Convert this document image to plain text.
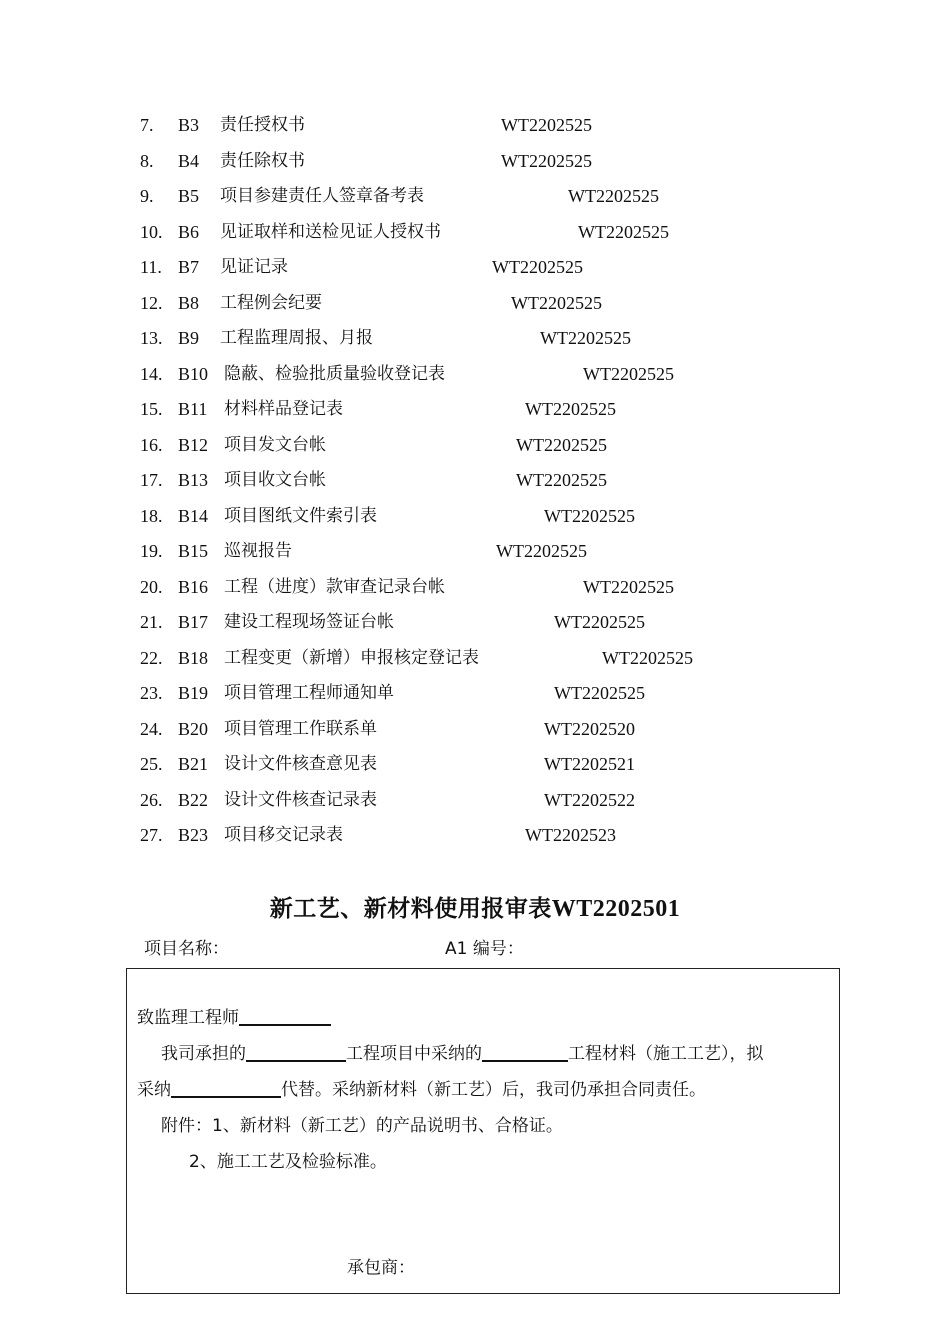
7.	B3 责任授权书	WT2202525
8.	B4 责任除权书	WT2202525
9.	B5 项目参建责任人签章备考表	WT2202525
10. B6 见证取样和送检见证人授权书	WT2202525
11. B7 见证记录	WT2202525
12. B8 工程例会纪要	WT2202525
13. B9 工程监理周报、月报	WT2202525
14. B10 隐蔽、检验批质量验收登记表	WT2202525
15. B11 材料样品登记表	WT2202525
16. B12 项目发文台帐	WT2202525
17. B13 项目收文台帐	WT2202525
18. B14 项目图纸文件索引表	WT2202525
19. B15 巡视报告	WT2202525
20. B16 工程（进度）款审查记录台帐	WT2202525
21. B17 建设工程现场签证台帐	WT2202525
22. B18 工程变更（新增）申报核定登记表	WT2202525
23. B19 项目管理工程师通知单	WT2202525
24. B20 项目管理工作联系单	WT2202520
25. B21 设计文件核查意见表	WT2202521
26. B22 设计文件核查记录表	WT2202522
27. B23 项目移交记录表	WT2202523
新工艺、新材料使用报审表WT2202501
项目名称：	A1 编号：
致监理工程师
我司承担的	工程项目中采纳的	工程材料（施工工艺），拟
采纳	代替。采纳新材料（新工艺）后，我司仍承担合同责任。
附件：1、新材料（新工艺）的产品说明书、合格证。
2、施工工艺及检验标准。
承包商：
